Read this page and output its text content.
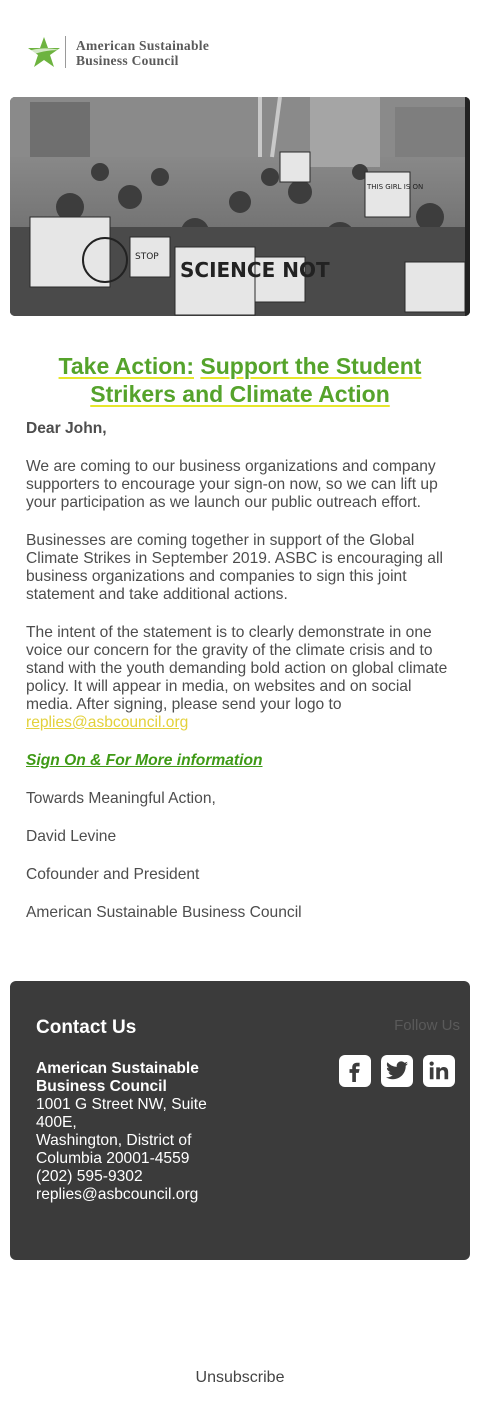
American Sustainable
Business Council
SCIENCE NOT
THIS GIRL IS ON
STOP
Take Action: Support the Student Strikers and Climate Action

Dear John,

We are coming to our business organizations and company supporters to encourage your sign-on now, so we can lift up your participation as we launch our public outreach effort.

Businesses are coming together in support of the Global Climate Strikes in September 2019. ASBC is encouraging all business organizations and companies to sign this joint statement and take additional actions.

The intent of the statement is to clearly demonstrate in one voice our concern for the gravity of the climate crisis and to stand with the youth demanding bold action on global climate policy. It will appear in media, on websites and on social media. After signing, please send your logo to
replies@asbcouncil.org

Sign On & For More information

Towards Meaningful Action,

David Levine

Cofounder and President

American Sustainable Business Council

Contact Us	Follow Us
American Sustainable Business Council
1001 G Street NW, Suite 400E,
Washington, District of Columbia 20001-4559
(202) 595-9302
replies@asbcouncil.org
Unsubscribe
